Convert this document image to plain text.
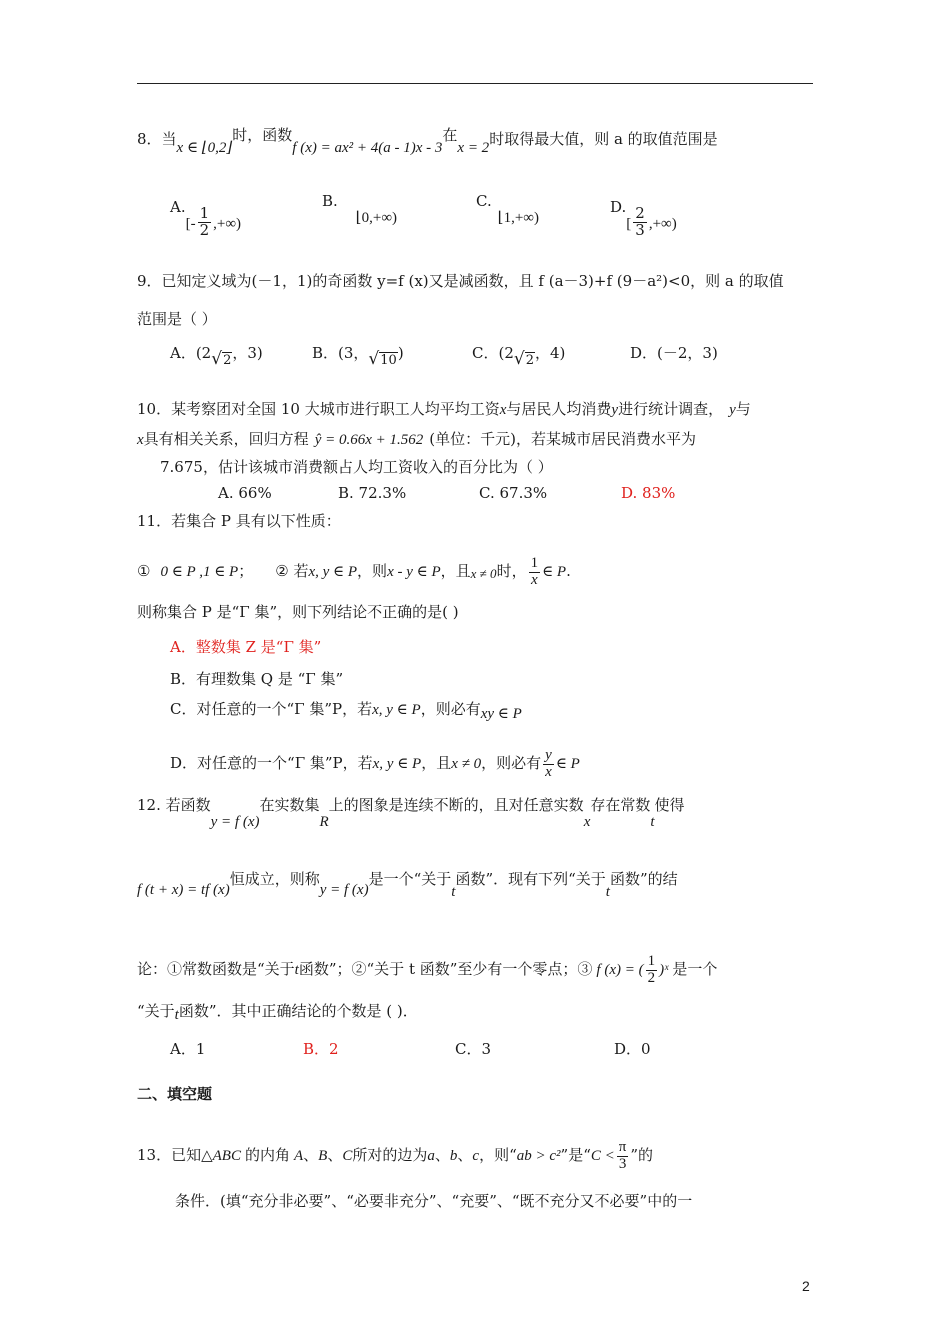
8．当x ∈ ⌊0,2⌋时，函数f (x) = ax² + 4(a - 1)x - 3在x = 2时取得最大值，则 a 的取值范围是
$A.[- \frac{1}{2}$ ,+∞)
B.⌊0,+∞)
C.⌊1,+∞)
$D.[ \frac{2}{3}$ ,+∞)
9．已知定义域为(－1，1)的奇函数 y=f (x)又是减函数，且 f (a－3)+f (9－a²)<0，则 a 的取值
范围是（ ）
A．(2√2，3)	B．(3，√10)	C．(2√2，4)	D．(－2，3)
10．某考察团对全国 10 大城市进行职工人均平均工资x与居民人均消费y进行统计调查， y与
x具有相关关系，回归方程 ŷ = 0.66x + 1.562 (单位：千元)，若某城市居民消费水平为
7.675，估计该城市消费额占人均工资收入的百分比为（ ）
A. 66%	B. 72.3%	C. 67.3%	D. 83%
11．若集合 P 具有以下性质：
① 0 ∈ P ,1 ∈ P； ② 若x, y ∈ P，则x - y ∈ P，且x ≠ 0时， $\frac{1}{x}$ ∈ P.
则称集合 P 是“Γ 集”，则下列结论不正确的是( )
A．整数集 Z 是“Γ 集”
B．有理数集 Q 是 “Γ 集”
C．对任意的一个“Γ 集”P，若x, y ∈ P，则必有xy ∈ P
D．对任意的一个“Γ 集”P，若x, y ∈ P，且x ≠ 0，则必有 $\frac{y}{x}$ ∈ P
12. 若函数y = f (x)在实数集R上的图象是连续不断的，且对任意实数x存在常数t使得
f (t + x) = tf (x)恒成立，则称y = f (x)是一个“关于t函数”．现有下列“关于t函数”的结
论：①常数函数是“关于t函数”；②“关于 t 函数”至少有一个零点；③ f (x) = ( $\frac{1}{2}$ )ˣ 是一个
“关于t函数”．其中正确结论的个数是 ( )．
A．1	B．2	C．3	D．0
二、填空题
13．已知△ABC 的内角 A、B、C所对的边为a、b、c，则“ab > c²”是“$C < \frac{\pi}{3}$ ”的
条件．(填“充分非必要”、“必要非充分”、“充要”、“既不充分又不必要”中的一
2
